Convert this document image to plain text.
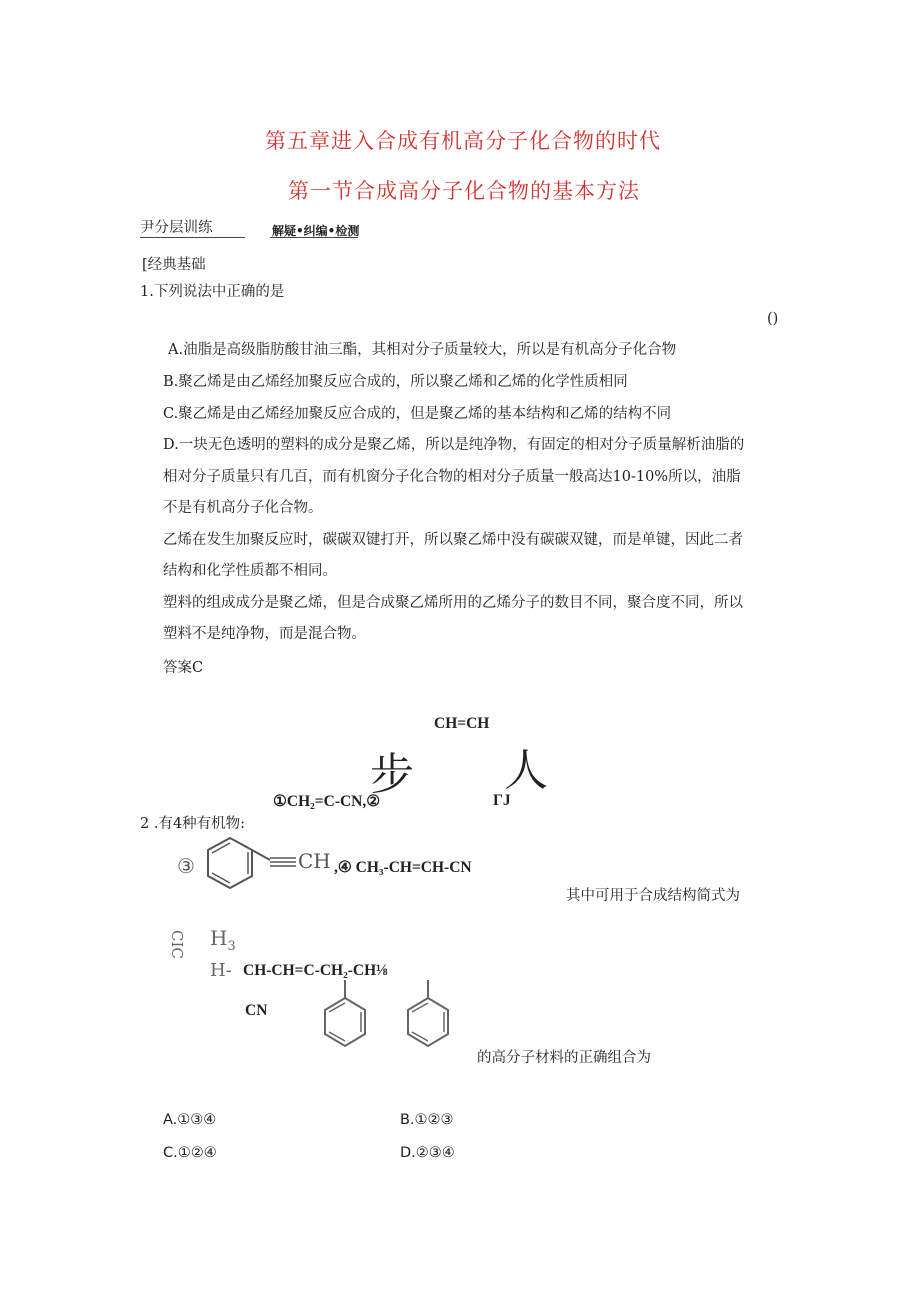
第五章进入合成有机高分子化合物的时代
第一节合成高分子化合物的基本方法
尹分层训练	解疑•纠编•检测
[经典基础
1.下列说法中正确的是
()
A.油脂是高级脂肪酸甘油三酯，其相对分子质量较大，所以是有机高分子化合物
B.聚乙烯是由乙烯经加聚反应合成的，所以聚乙烯和乙烯的化学性质相同
C.聚乙烯是由乙烯经加聚反应合成的，但是聚乙烯的基本结构和乙烯的结构不同
D.一块无色透明的塑料的成分是聚乙烯，所以是纯净物，有固定的相对分子质量解析油脂的
相对分子质量只有几百，而有机窗分子化合物的相对分子质量一般高达10-10%所以，油脂
不是有机高分子化合物。
乙烯在发生加聚反应时，碳碳双键打开，所以聚乙烯中没有碳碳双键，而是单键，因此二者
结构和化学性质都不相同。
塑料的组成成分是聚乙烯，但是合成聚乙烯所用的乙烯分子的数目不同，聚合度不同，所以
塑料不是纯净物，而是混合物。
答案C
CH=CH
步 人
①CH₂=C-CN,②	ΓJ
2 .有4种有机物:
③	CH ,④ CH₃-CH=CH-CN
其中可用于合成结构简式为
CIC $H_3$
H- CH-CH=C-CH₂-CH⅛
CN
的高分子材料的正确组合为
A.①③④	B.①②③
C.①②④	D.②③④
